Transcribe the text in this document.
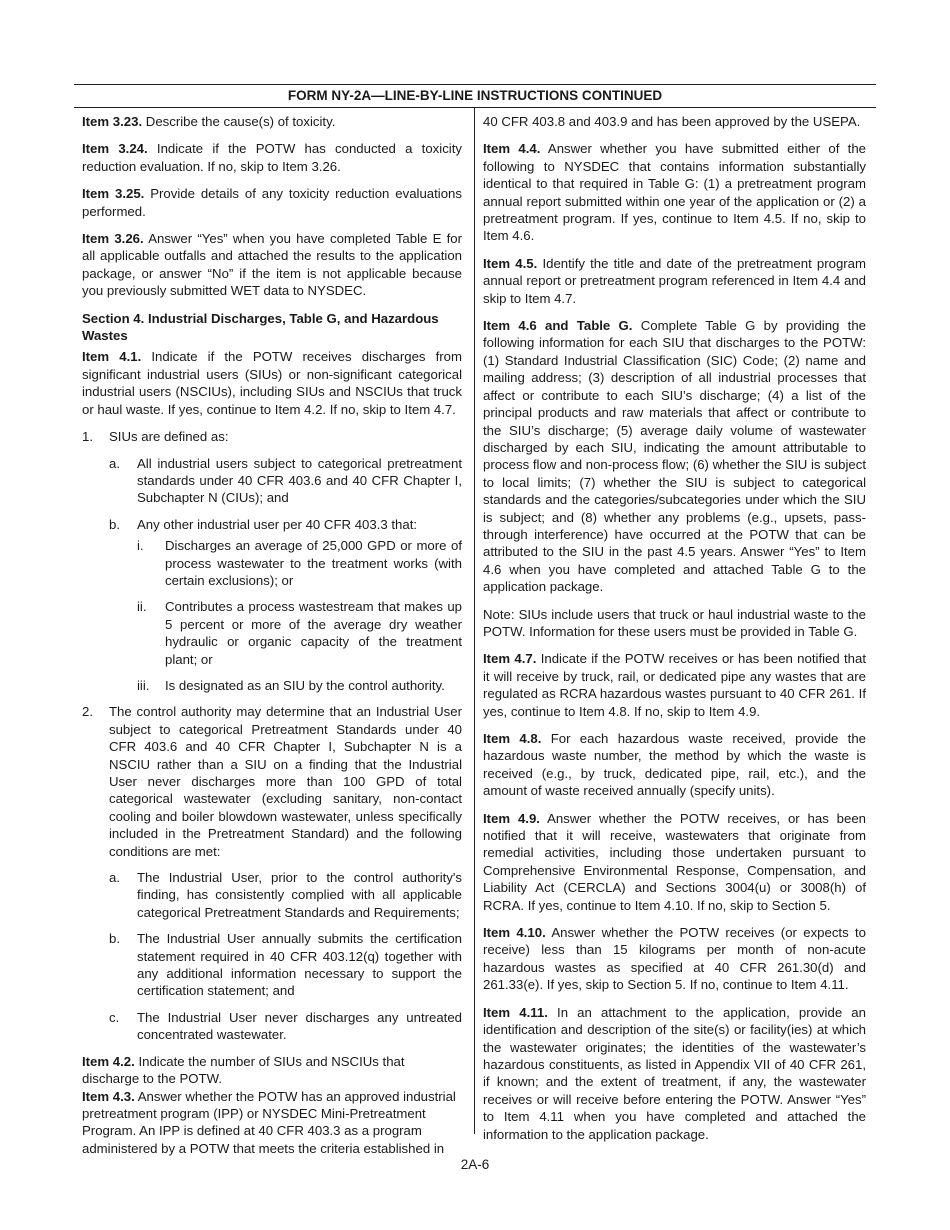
FORM NY-2A—LINE-BY-LINE INSTRUCTIONS CONTINUED

Item 3.23. Describe the cause(s) of toxicity.

Item 3.24. Indicate if the POTW has conducted a toxicity reduction evaluation. If no, skip to Item 3.26.

Item 3.25. Provide details of any toxicity reduction evaluations performed.

Item 3.26. Answer “Yes” when you have completed Table E for all applicable outfalls and attached the results to the application package, or answer “No” if the item is not applicable because you previously submitted WET data to NYSDEC.

Section 4. Industrial Discharges, Table G, and Hazardous Wastes

Item 4.1. Indicate if the POTW receives discharges from significant industrial users (SIUs) or non-significant categorical industrial users (NSCIUs), including SIUs and NSCIUs that truck or haul waste. If yes, continue to Item 4.2. If no, skip to Item 4.7.

1. SIUs are defined as:
a. All industrial users subject to categorical pretreatment standards under 40 CFR 403.6 and 40 CFR Chapter I, Subchapter N (CIUs); and
b. Any other industrial user per 40 CFR 403.3 that:
i. Discharges an average of 25,000 GPD or more of process wastewater to the treatment works (with certain exclusions); or
ii. Contributes a process wastestream that makes up 5 percent or more of the average dry weather hydraulic or organic capacity of the treatment plant; or
iii. Is designated as an SIU by the control authority.
2. The control authority may determine that an Industrial User subject to categorical Pretreatment Standards under 40 CFR 403.6 and 40 CFR Chapter I, Subchapter N is a NSCIU rather than a SIU on a finding that the Industrial User never discharges more than 100 GPD of total categorical wastewater (excluding sanitary, non-contact cooling and boiler blowdown wastewater, unless specifically included in the Pretreatment Standard) and the following conditions are met:
a. The Industrial User, prior to the control authority's finding, has consistently complied with all applicable categorical Pretreatment Standards and Requirements;
b. The Industrial User annually submits the certification statement required in 40 CFR 403.12(q) together with any additional information necessary to support the certification statement; and
c. The Industrial User never discharges any untreated concentrated wastewater.

Item 4.2. Indicate the number of SIUs and NSCIUs that discharge to the POTW.

Item 4.3. Answer whether the POTW has an approved industrial pretreatment program (IPP) or NYSDEC Mini-Pretreatment Program. An IPP is defined at 40 CFR 403.3 as a program administered by a POTW that meets the criteria established in

40 CFR 403.8 and 403.9 and has been approved by the USEPA.

Item 4.4. Answer whether you have submitted either of the following to NYSDEC that contains information substantially identical to that required in Table G: (1) a pretreatment program annual report submitted within one year of the application or (2) a pretreatment program. If yes, continue to Item 4.5. If no, skip to Item 4.6.

Item 4.5. Identify the title and date of the pretreatment program annual report or pretreatment program referenced in Item 4.4 and skip to Item 4.7.

Item 4.6 and Table G. Complete Table G by providing the following information for each SIU that discharges to the POTW: (1) Standard Industrial Classification (SIC) Code; (2) name and mailing address; (3) description of all industrial processes that affect or contribute to each SIU’s discharge; (4) a list of the principal products and raw materials that affect or contribute to the SIU’s discharge; (5) average daily volume of wastewater discharged by each SIU, indicating the amount attributable to process flow and non-process flow; (6) whether the SIU is subject to local limits; (7) whether the SIU is subject to categorical standards and the categories/subcategories under which the SIU is subject; and (8) whether any problems (e.g., upsets, pass-through interference) have occurred at the POTW that can be attributed to the SIU in the past 4.5 years. Answer “Yes” to Item 4.6 when you have completed and attached Table G to the application package.

Note: SIUs include users that truck or haul industrial waste to the POTW. Information for these users must be provided in Table G.

Item 4.7. Indicate if the POTW receives or has been notified that it will receive by truck, rail, or dedicated pipe any wastes that are regulated as RCRA hazardous wastes pursuant to 40 CFR 261. If yes, continue to Item 4.8. If no, skip to Item 4.9.

Item 4.8. For each hazardous waste received, provide the hazardous waste number, the method by which the waste is received (e.g., by truck, dedicated pipe, rail, etc.), and the amount of waste received annually (specify units).

Item 4.9. Answer whether the POTW receives, or has been notified that it will receive, wastewaters that originate from remedial activities, including those undertaken pursuant to Comprehensive Environmental Response, Compensation, and Liability Act (CERCLA) and Sections 3004(u) or 3008(h) of RCRA. If yes, continue to Item 4.10. If no, skip to Section 5.

Item 4.10. Answer whether the POTW receives (or expects to receive) less than 15 kilograms per month of non-acute hazardous wastes as specified at 40 CFR 261.30(d) and 261.33(e). If yes, skip to Section 5. If no, continue to Item 4.11.

Item 4.11. In an attachment to the application, provide an identification and description of the site(s) or facility(ies) at which the wastewater originates; the identities of the wastewater’s hazardous constituents, as listed in Appendix VII of 40 CFR 261, if known; and the extent of treatment, if any, the wastewater receives or will receive before entering the POTW. Answer “Yes” to Item 4.11 when you have completed and attached the information to the application package.

2A-6
